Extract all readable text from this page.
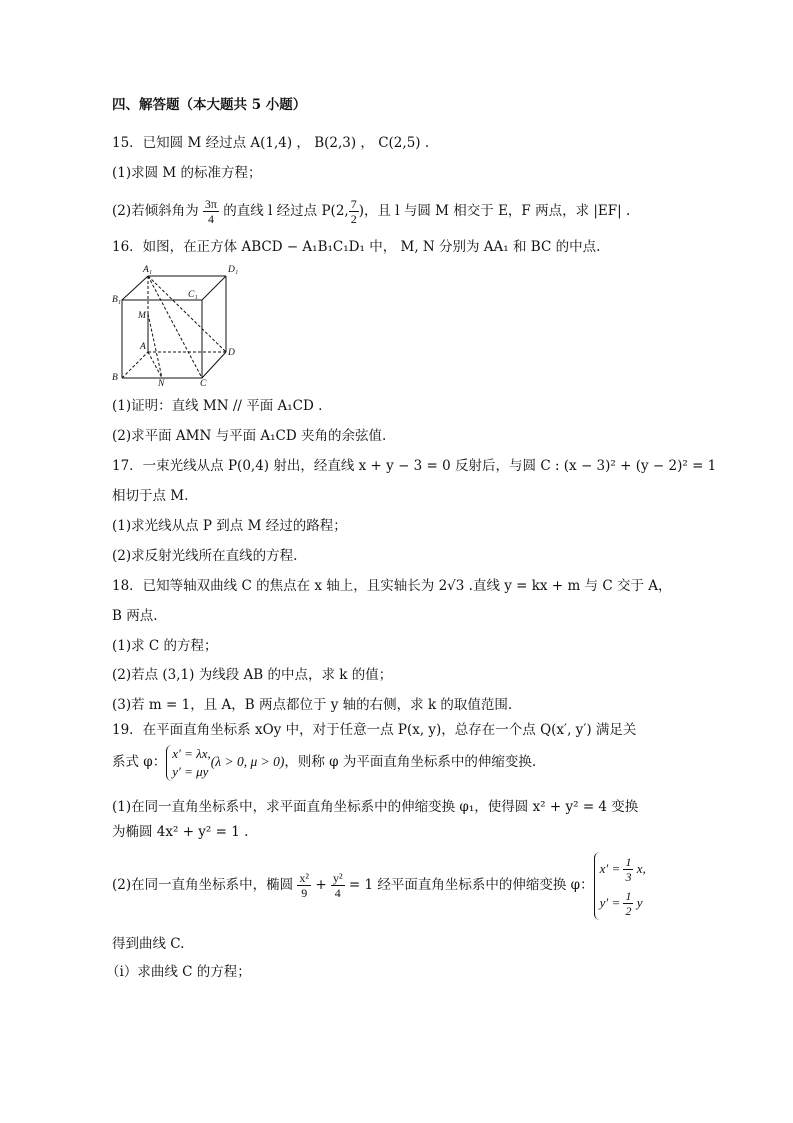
四、解答题（本大题共 5 小题）
15．已知圆 M 经过点 A(1,4) ， B(2,3) ， C(2,5) .
(1)求圆 M 的标准方程；
(2)若倾斜角为 $\frac{3\pi}{4}$ 的直线 l 经过点 P(2, $\frac{7}{2}$ )，且 l 与圆 M 相交于 E，F 两点，求 |EF| .
16．如图，在正方体 ABCD − A₁B₁C₁D₁ 中， M, N 分别为 AA₁ 和 BC 的中点.
A₁	D₁
B₁	C₁
M
A
D
B
N	C
(1)证明：直线 MN // 平面 A₁CD .
(2)求平面 AMN 与平面 A₁CD 夹角的余弦值.
17．一束光线从点 P(0,4) 射出，经直线 x + y − 3 = 0 反射后，与圆 C : (x − 3)² + (y − 2)² = 1
相切于点 M.
(1)求光线从点 P 到点 M 经过的路程；
(2)求反射光线所在直线的方程.
18．已知等轴双曲线 C 的焦点在 x 轴上，且实轴长为 2√3 .直线 y = kx + m 与 C 交于 A，
B 两点.
(1)求 C 的方程；
(2)若点 (3,1) 为线段 AB 的中点，求 k 的值；
(3)若 m = 1，且 A，B 两点都位于 y 轴的右侧，求 k 的取值范围.
19．在平面直角坐标系 xOy 中，对于任意一点 P(x, y)，总存在一个点 Q(x′, y′) 满足关
系式 φ：
x′ = λx,
y′ = μy
(λ > 0, μ > 0)，则称 φ 为平面直角坐标系中的伸缩变换.
(1)在同一直角坐标系中，求平面直角坐标系中的伸缩变换 φ₁，使得圆 x² + y² = 4 变换
为椭圆 4x² + y² = 1 .
(2)在同一直角坐标系中，椭圆 $\frac{\text{x²}}{9} + \frac{\text{y²}}{4} = 1$ 经平面直角坐标系中的伸缩变换 φ：
$x' = \frac{1}{3} x$,
$y' = \frac{1}{2}$ y
得到曲线 C.
（i）求曲线 C 的方程；
